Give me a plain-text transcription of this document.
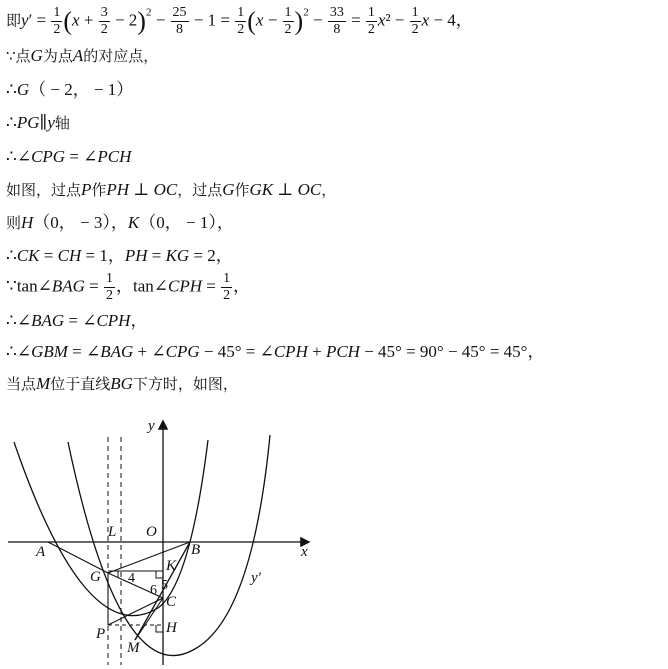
即$y' = \frac{1}{2} (x + \frac{3}{2} - 2)^2 - \frac{25}{8} - 1 = \frac{1}{2} (x - \frac{1}{2} )^2 - \frac{33}{8} = \frac{1}{2} x^2 - \frac{1}{2}$ x − 4，
∵点G为点A的对应点，
∴G（ − 2， − 1）
∴PG∥y轴
∴∠CPG = ∠PCH
如图，过点P作PH ⊥ OC，过点G作GK ⊥ OC，
则H（0， − 3），K（0， − 1），
∴CK = CH = 1，PH = KG = 2，
∵tan∠BAG = $\frac{1}{2}$ ，tan∠CPH = $\frac{1}{2}$ ，
∴∠BAG = ∠CPH，
∴∠GBM = ∠BAG + ∠CPG − 45° = ∠CPH + PCH − 45° = 90° − 45° = 45°，
当点M位于直线BG下方时，如图，
y
x
O
L
A	B
G
K
C
H
P
M
y′
4 5
6
